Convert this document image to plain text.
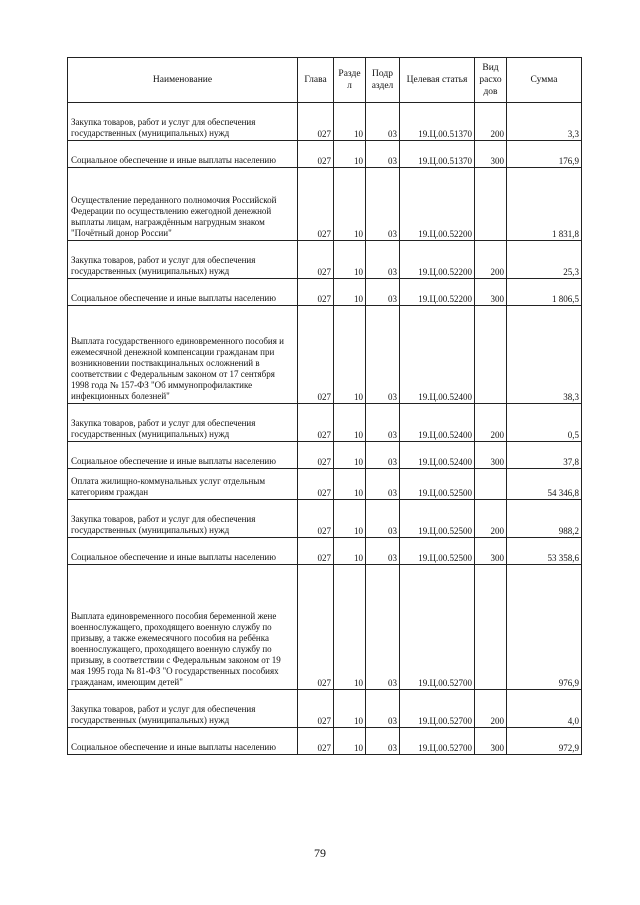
Наименование	Глава	Разде л	Подр аздел	Целевая статья	Вид расхо дов	Сумма
Закупка товаров, работ и услуг для обеспечения государственных (муниципальных) нужд	027	10	03	19.Ц.00.51370	200	3,3
Социальное обеспечение и иные выплаты населению	027	10	03	19.Ц.00.51370	300	176,9
Осуществление переданного полномочия Российской Федерации по осуществлению ежегодной денежной выплаты лицам, награждённым нагрудным знаком "Почётный донор России"	027	10	03	19.Ц.00.52200		1 831,8
Закупка товаров, работ и услуг для обеспечения государственных (муниципальных) нужд	027	10	03	19.Ц.00.52200	200	25,3
Социальное обеспечение и иные выплаты населению	027	10	03	19.Ц.00.52200	300	1 806,5
Выплата государственного единовременного пособия и ежемесячной денежной компенсации гражданам при возникновении поствакцинальных осложнений в соответствии с Федеральным законом от 17 сентября 1998 года № 157-ФЗ "Об иммунопрофилактике инфекционных болезней"	027	10	03	19.Ц.00.52400		38,3
Закупка товаров, работ и услуг для обеспечения государственных (муниципальных) нужд	027	10	03	19.Ц.00.52400	200	0,5
Социальное обеспечение и иные выплаты населению	027	10	03	19.Ц.00.52400	300	37,8
Оплата жилищно-коммунальных услуг отдельным категориям граждан	027	10	03	19.Ц.00.52500		54 346,8
Закупка товаров, работ и услуг для обеспечения государственных (муниципальных) нужд	027	10	03	19.Ц.00.52500	200	988,2
Социальное обеспечение и иные выплаты населению	027	10	03	19.Ц.00.52500	300	53 358,6
Выплата единовременного пособия беременной жене военнослужащего, проходящего военную службу по призыву, а также ежемесячного пособия на ребёнка военнослужащего, проходящего военную службу по призыву, в соответствии с Федеральным законом от 19 мая 1995 года № 81-ФЗ "О государственных пособиях гражданам, имеющим детей"	027	10	03	19.Ц.00.52700		976,9
Закупка товаров, работ и услуг для обеспечения государственных (муниципальных) нужд	027	10	03	19.Ц.00.52700	200	4,0
Социальное обеспечение и иные выплаты населению	027	10	03	19.Ц.00.52700	300	972,9
79
